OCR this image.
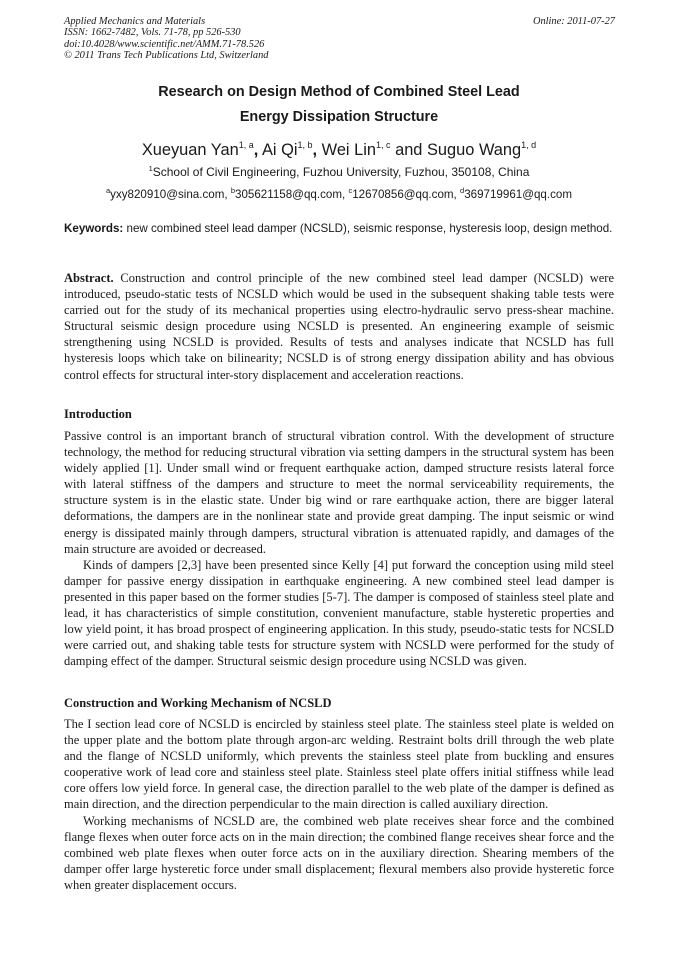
Applied Mechanics and Materials
ISSN: 1662-7482, Vols. 71-78, pp 526-530
doi:10.4028/www.scientific.net/AMM.71-78.526
© 2011 Trans Tech Publications Ltd, Switzerland
Online: 2011-07-27
Research on Design Method of Combined Steel Lead
Energy Dissipation Structure
Xueyuan Yan$^{1, a}$, Ai Qi$^{1, b}$, Wei Lin$^{1, c}$ and Suguo Wang$^{1, d}$
$^1$School of Civil Engineering, Fuzhou University, Fuzhou, 350108, China
$^a$yxy820910@sina.com, $^b$305621158@qq.com, $^c$12670856@qq.com, $^d$369719961@qq.com
Keywords: new combined steel lead damper (NCSLD), seismic response, hysteresis loop, design method.

Abstract. Construction and control principle of the new combined steel lead damper (NCSLD) were introduced, pseudo-static tests of NCSLD which would be used in the subsequent shaking table tests were carried out for the study of its mechanical properties using electro-hydraulic servo press-shear machine. Structural seismic design procedure using NCSLD is presented. An engineering example of seismic strengthening using NCSLD is provided. Results of tests and analyses indicate that NCSLD has full hysteresis loops which take on bilinearity; NCSLD is of strong energy dissipation ability and has obvious control effects for structural inter-story displacement and acceleration reactions.

Introduction

Passive control is an important branch of structural vibration control. With the development of structure technology, the method for reducing structural vibration via setting dampers in the structural system has been widely applied [1]. Under small wind or frequent earthquake action, damped structure resists lateral force with lateral stiffness of the dampers and structure to meet the normal serviceability requirements, the structure system is in the elastic state. Under big wind or rare earthquake action, there are bigger lateral deformations, the dampers are in the nonlinear state and provide great damping. The input seismic or wind energy is dissipated mainly through dampers, structural vibration is attenuated rapidly, and damages of the main structure are avoided or decreased.

Kinds of dampers [2,3] have been presented since Kelly [4] put forward the conception using mild steel damper for passive energy dissipation in earthquake engineering. A new combined steel lead damper is presented in this paper based on the former studies [5-7]. The damper is composed of stainless steel plate and lead, it has characteristics of simple constitution, convenient manufacture, stable hysteretic properties and low yield point, it has broad prospect of engineering application. In this study, pseudo-static tests for NCSLD were carried out, and shaking table tests for structure system with NCSLD were performed for the study of damping effect of the damper. Structural seismic design procedure using NCSLD was given.

Construction and Working Mechanism of NCSLD

The I section lead core of NCSLD is encircled by stainless steel plate. The stainless steel plate is welded on the upper plate and the bottom plate through argon-arc welding. Restraint bolts drill through the web plate and the flange of NCSLD uniformly, which prevents the stainless steel plate from buckling and ensures cooperative work of lead core and stainless steel plate. Stainless steel plate offers initial stiffness while lead core offers low yield force. In general case, the direction parallel to the web plate of the damper is defined as main direction, and the direction perpendicular to the main direction is called auxiliary direction.

Working mechanisms of NCSLD are, the combined web plate receives shear force and the combined flange flexes when outer force acts on in the main direction; the combined flange receives shear force and the combined web plate flexes when outer force acts on in the auxiliary direction. Shearing members of the damper offer large hysteretic force under small displacement; flexural members also provide hysteretic force when greater displacement occurs.
